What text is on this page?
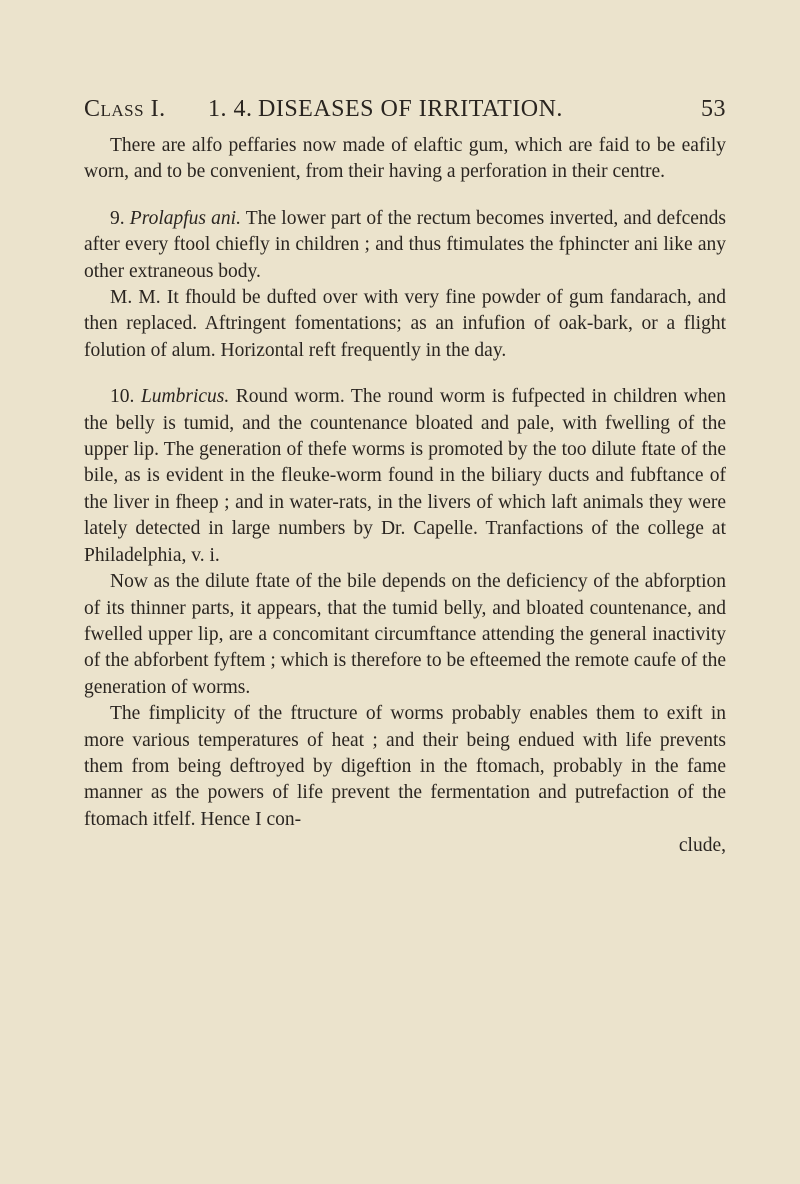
Class I. 1. 4. DISEASES OF IRRITATION.	53

There are alfo peffaries now made of elaftic gum, which are faid to be eafily worn, and to be convenient, from their having a perforation in their centre.

9. Prolapfus ani. The lower part of the rectum becomes inverted, and defcends after every ftool chiefly in children ; and thus ftimulates the fphincter ani like any other extraneous body.

M. M. It fhould be dufted over with very fine powder of gum fandarach, and then replaced. Aftringent fomentations; as an infufion of oak-bark, or a flight folution of alum. Horizontal reft frequently in the day.

10. Lumbricus. Round worm. The round worm is fufpected in children when the belly is tumid, and the countenance bloated and pale, with fwelling of the upper lip. The generation of thefe worms is promoted by the too dilute ftate of the bile, as is evident in the fleuke-worm found in the biliary ducts and fubftance of the liver in fheep ; and in water-rats, in the livers of which laft animals they were lately detected in large numbers by Dr. Capelle. Tranfactions of the college at Philadelphia, v. i.

Now as the dilute ftate of the bile depends on the deficiency of the abforption of its thinner parts, it appears, that the tumid belly, and bloated countenance, and fwelled upper lip, are a concomitant circumftance attending the general inactivity of the abforbent fyftem ; which is therefore to be efteemed the remote caufe of the generation of worms.

The fimplicity of the ftructure of worms probably enables them to exift in more various temperatures of heat ; and their being endued with life prevents them from being deftroyed by digeftion in the ftomach, probably in the fame manner as the powers of life prevent the fermentation and putrefaction of the ftomach itfelf. Hence I con-

clude,
